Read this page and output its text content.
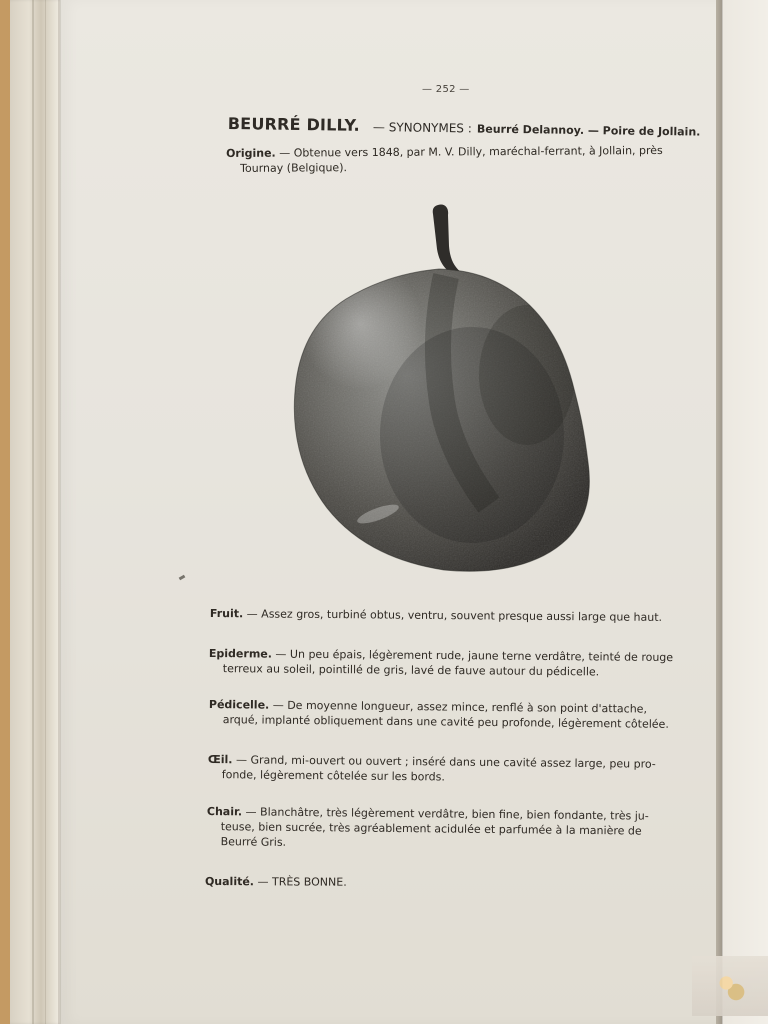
— 252 —
BEURRÉ DILLY. — SYNONYMES : Beurré Delannoy. — Poire de Jollain.
Origine. — Obtenue vers 1848, par M. V. Dilly, maréchal-ferrant, à Jollain, près
Tournay (Belgique).
Fruit. — Assez gros, turbiné obtus, ventru, souvent presque aussi large que haut.
Epiderme. — Un peu épais, légèrement rude, jaune terne verdâtre, teinté de rouge
terreux au soleil, pointillé de gris, lavé de fauve autour du pédicelle.
Pédicelle. — De moyenne longueur, assez mince, renflé à son point d'attache,
arqué, implanté obliquement dans une cavité peu profonde, légèrement côtelée.
Œil. — Grand, mi-ouvert ou ouvert ; inséré dans une cavité assez large, peu pro-
fonde, légèrement côtelée sur les bords.
Chair. — Blanchâtre, très légèrement verdâtre, bien fine, bien fondante, très ju-
teuse, bien sucrée, très agréablement acidulée et parfumée à la manière de
Beurré Gris.
Qualité. — TRÈS BONNE.
